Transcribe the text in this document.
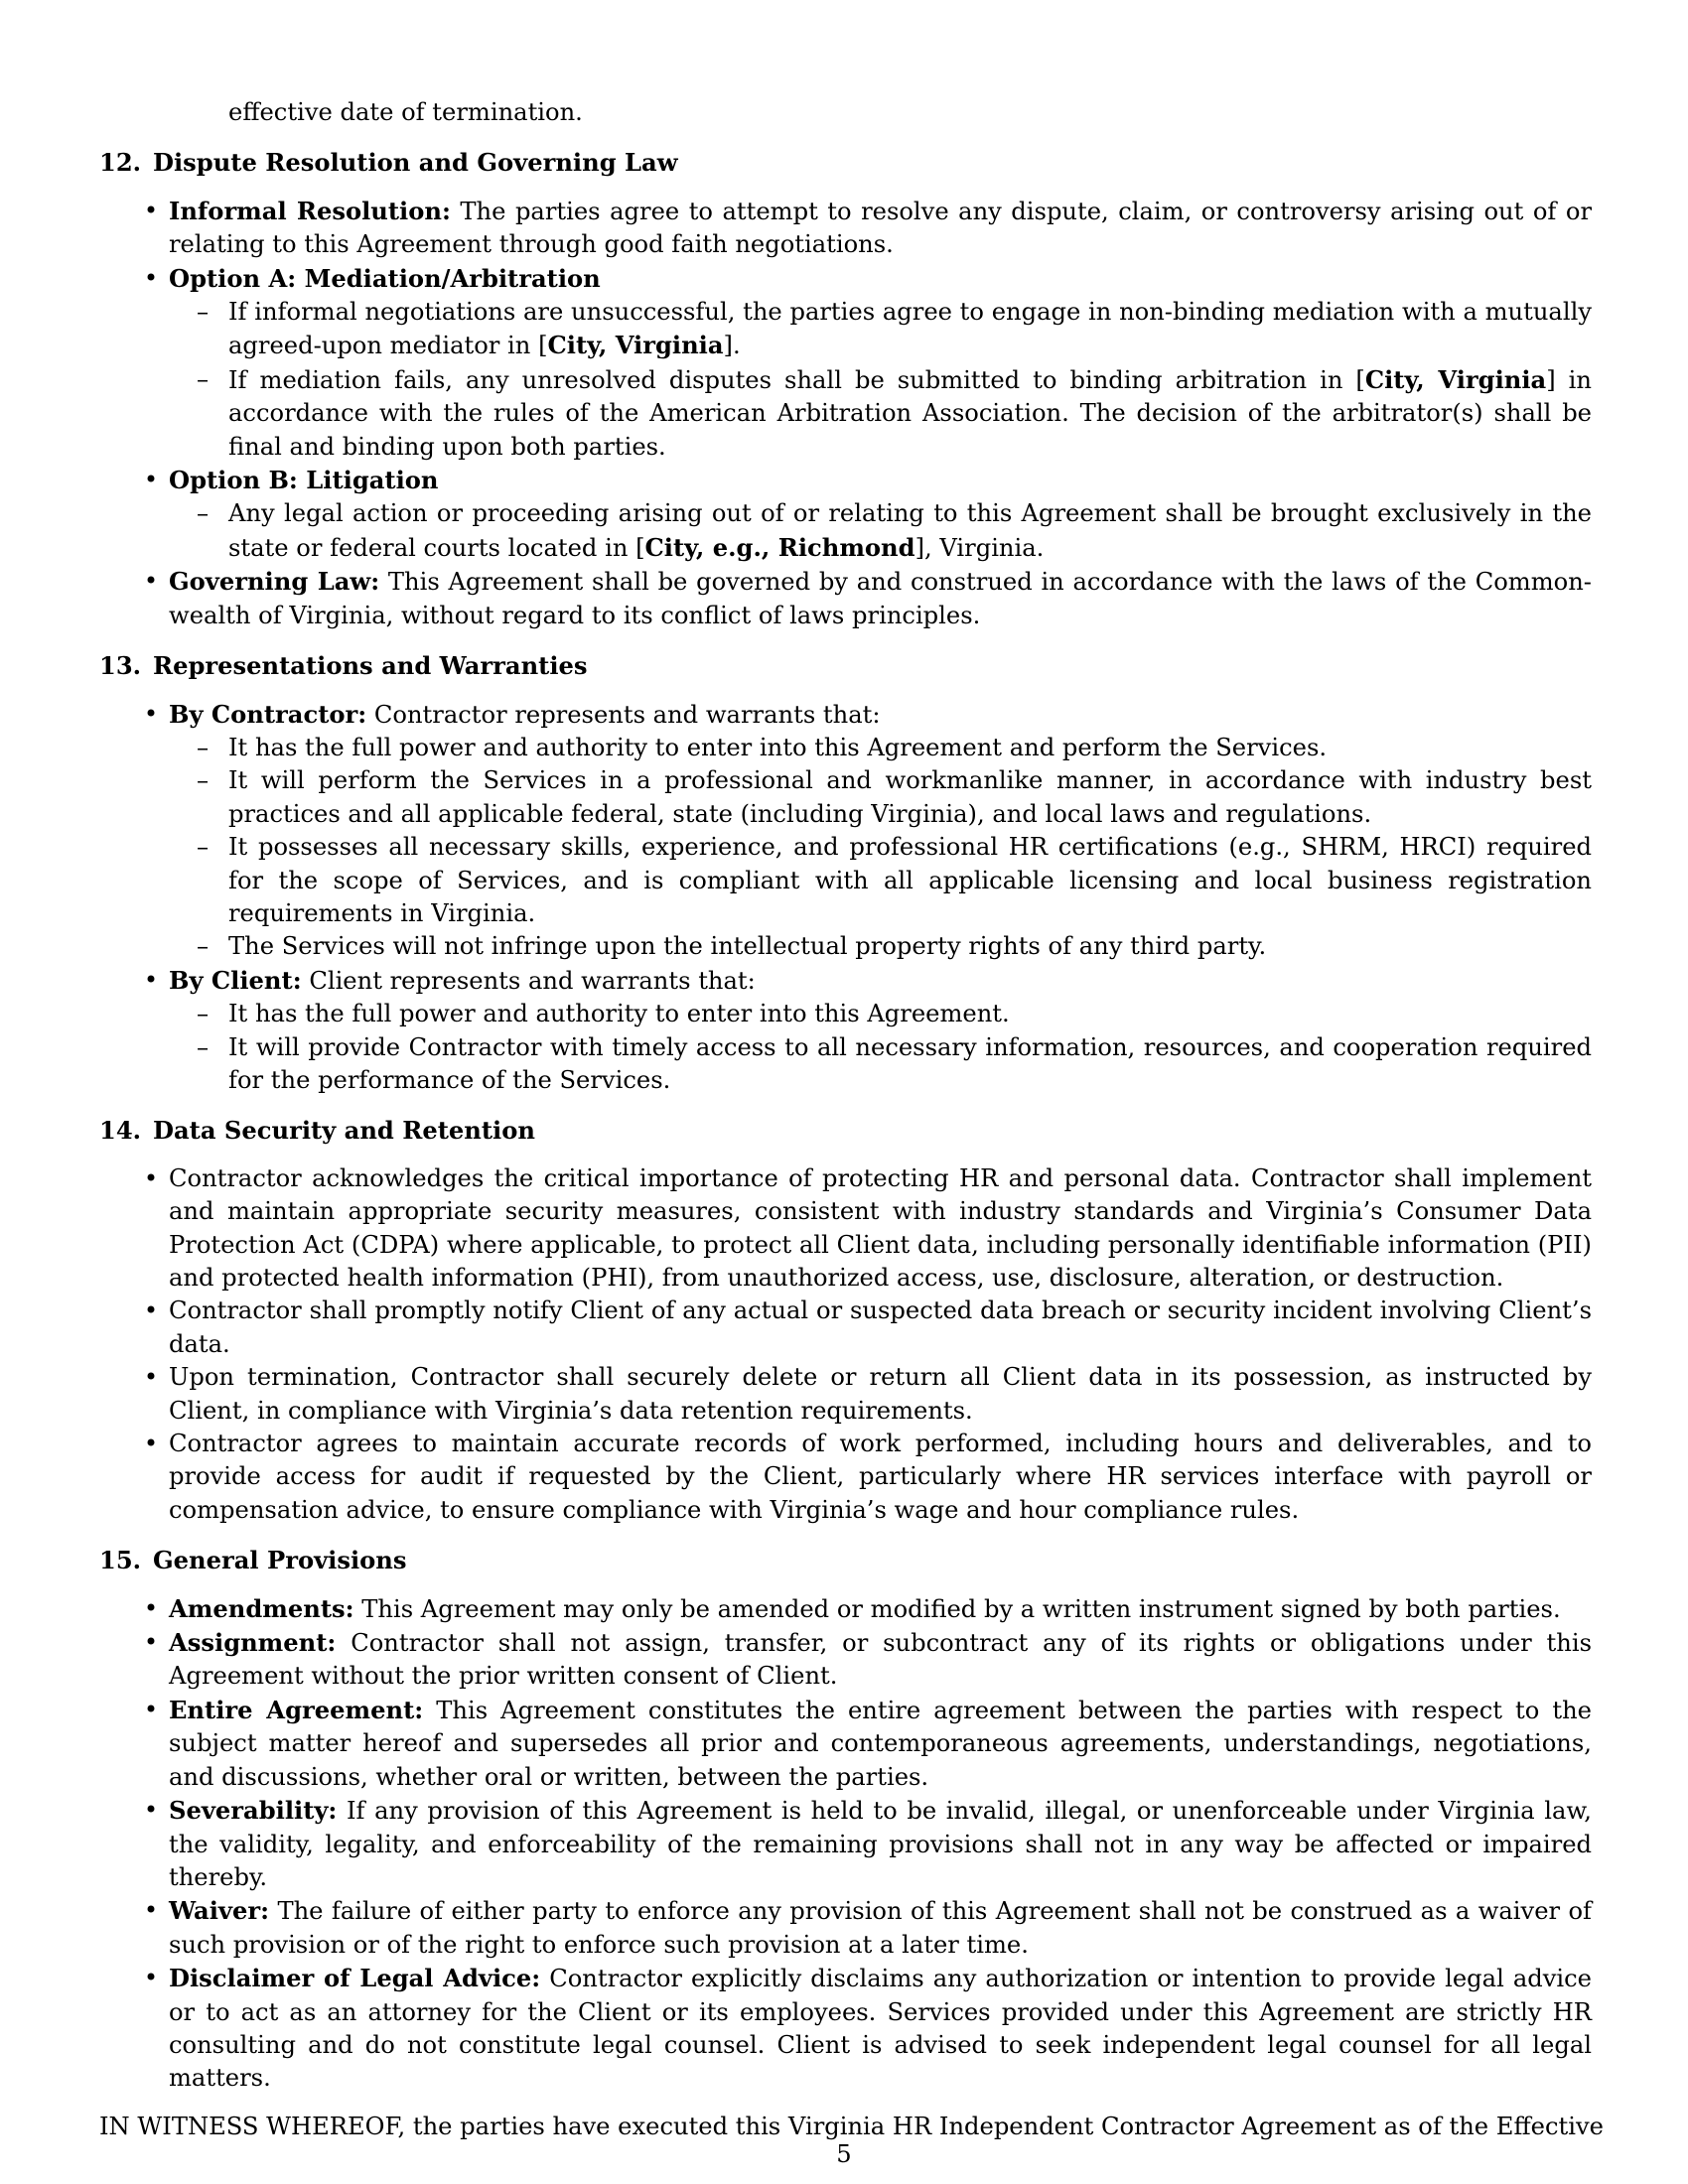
effective date of termination.

12. Dispute Resolution and Governing Law
• Informal Resolution: The parties agree to attempt to resolve any dispute, claim, or controversy arising out of or relating to this Agreement through good faith negotiations.
• Option A: Mediation/Arbitration
– If informal negotiations are unsuccessful, the parties agree to engage in non-binding mediation with a mutually agreed-upon mediator in [City, Virginia].
– If mediation fails, any unresolved disputes shall be submitted to binding arbitration in [City, Virginia] in accordance with the rules of the American Arbitration Association. The decision of the arbitrator(s) shall be final and binding upon both parties.
• Option B: Litigation
– Any legal action or proceeding arising out of or relating to this Agreement shall be brought exclusively in the state or federal courts located in [City, e.g., Richmond], Virginia.
• Governing Law: This Agreement shall be governed by and construed in accordance with the laws of the Commonwealth of Virginia, without regard to its conflict of laws principles.
13. Representations and Warranties
• By Contractor: Contractor represents and warrants that:
– It has the full power and authority to enter into this Agreement and perform the Services.
– It will perform the Services in a professional and workmanlike manner, in accordance with industry best practices and all applicable federal, state (including Virginia), and local laws and regulations.
– It possesses all necessary skills, experience, and professional HR certifications (e.g., SHRM, HRCI) required for the scope of Services, and is compliant with all applicable licensing and local business registration requirements in Virginia.
– The Services will not infringe upon the intellectual property rights of any third party.
• By Client: Client represents and warrants that:
– It has the full power and authority to enter into this Agreement.
– It will provide Contractor with timely access to all necessary information, resources, and cooperation required for the performance of the Services.
14. Data Security and Retention
• Contractor acknowledges the critical importance of protecting HR and personal data. Contractor shall implement and maintain appropriate security measures, consistent with industry standards and Virginia’s Consumer Data Protection Act (CDPA) where applicable, to protect all Client data, including personally identifiable information (PII) and protected health information (PHI), from unauthorized access, use, disclosure, alteration, or destruction.
• Contractor shall promptly notify Client of any actual or suspected data breach or security incident involving Client’s data.
• Upon termination, Contractor shall securely delete or return all Client data in its possession, as instructed by Client, in compliance with Virginia’s data retention requirements.
• Contractor agrees to maintain accurate records of work performed, including hours and deliverables, and to provide access for audit if requested by the Client, particularly where HR services interface with payroll or compensation advice, to ensure compliance with Virginia’s wage and hour compliance rules.
15. General Provisions
• Amendments: This Agreement may only be amended or modified by a written instrument signed by both parties.
• Assignment: Contractor shall not assign, transfer, or subcontract any of its rights or obligations under this Agreement without the prior written consent of Client.
• Entire Agreement: This Agreement constitutes the entire agreement between the parties with respect to the subject matter hereof and supersedes all prior and contemporaneous agreements, understandings, negotiations, and discussions, whether oral or written, between the parties.
• Severability: If any provision of this Agreement is held to be invalid, illegal, or unenforceable under Virginia law, the validity, legality, and enforceability of the remaining provisions shall not in any way be affected or impaired thereby.
• Waiver: The failure of either party to enforce any provision of this Agreement shall not be construed as a waiver of such provision or of the right to enforce such provision at a later time.
• Disclaimer of Legal Advice: Contractor explicitly disclaims any authorization or intention to provide legal advice or to act as an attorney for the Client or its employees. Services provided under this Agreement are strictly HR consulting and do not constitute legal counsel. Client is advised to seek independent legal counsel for all legal matters.

IN WITNESS WHEREOF, the parties have executed this Virginia HR Independent Contractor Agreement as of the Effective

5
